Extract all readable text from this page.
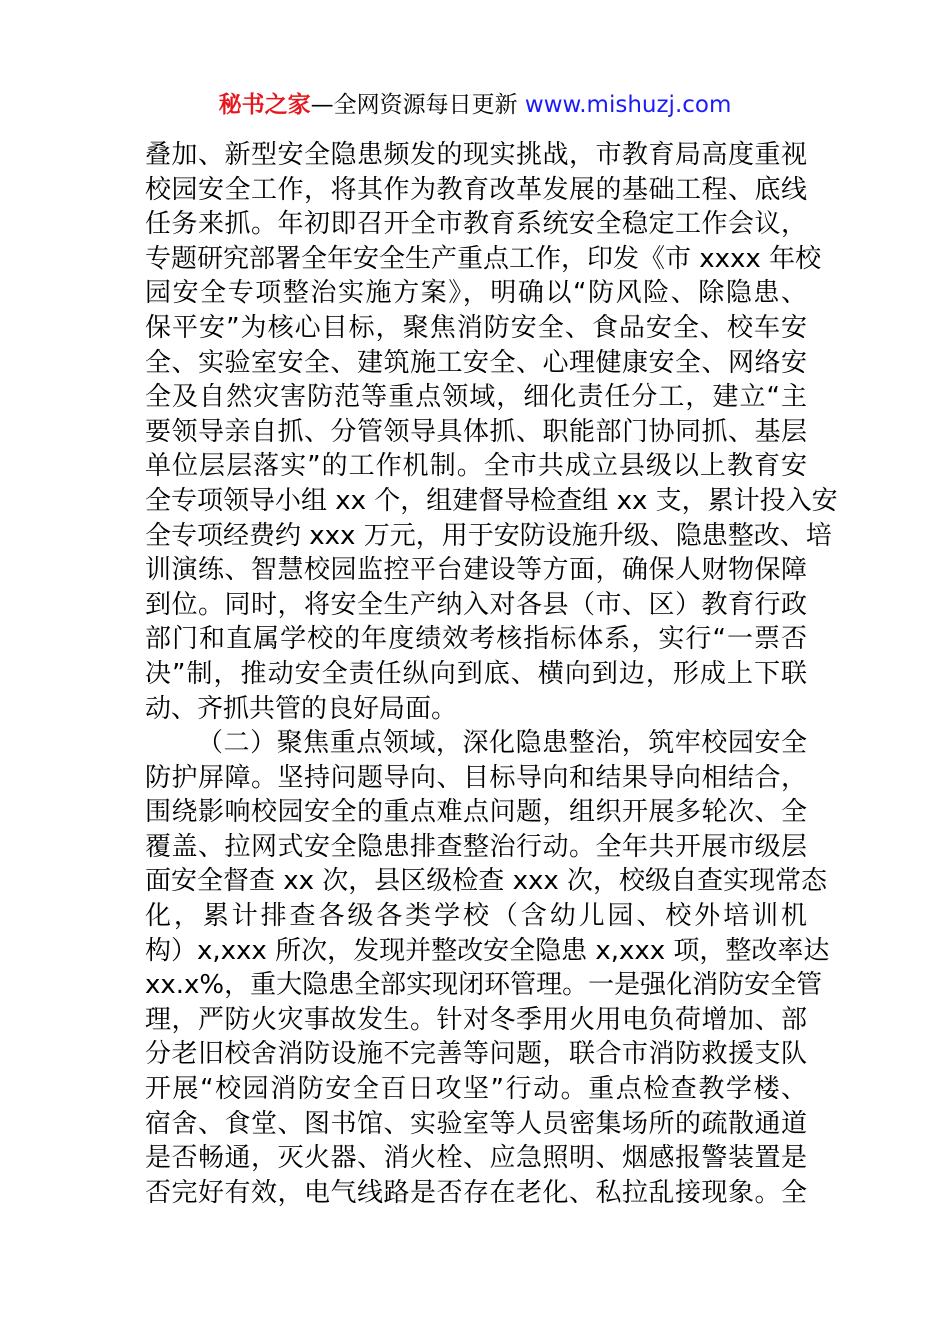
秘书之家—全网资源每日更新 www.mishuzj.com
叠加、新型安全隐患频发的现实挑战，市教育局高度重视
校园安全工作，将其作为教育改革发展的基础工程、底线
任务来抓。年初即召开全市教育系统安全稳定工作会议，
专题研究部署全年安全生产重点工作，印发《市 xxxx 年校
园安全专项整治实施方案》，明确以“防风险、除隐患、
保平安”为核心目标，聚焦消防安全、食品安全、校车安
全、实验室安全、建筑施工安全、心理健康安全、网络安
全及自然灾害防范等重点领域，细化责任分工，建立“主
要领导亲自抓、分管领导具体抓、职能部门协同抓、基层
单位层层落实”的工作机制。全市共成立县级以上教育安
全专项领导小组 xx 个，组建督导检查组 xx 支，累计投入安
全专项经费约 xxx 万元，用于安防设施升级、隐患整改、培
训演练、智慧校园监控平台建设等方面，确保人财物保障
到位。同时，将安全生产纳入对各县（市、区）教育行政
部门和直属学校的年度绩效考核指标体系，实行“一票否
决”制，推动安全责任纵向到底、横向到边，形成上下联
动、齐抓共管的良好局面。
（二）聚焦重点领域，深化隐患整治，筑牢校园安全
防护屏障。坚持问题导向、目标导向和结果导向相结合，
围绕影响校园安全的重点难点问题，组织开展多轮次、全
覆盖、拉网式安全隐患排查整治行动。全年共开展市级层
面安全督查 xx 次，县区级检查 xxx 次，校级自查实现常态
化，累计排查各级各类学校（含幼儿园、校外培训机
构）x,xxx 所次，发现并整改安全隐患 x,xxx 项，整改率达
xx.x%，重大隐患全部实现闭环管理。一是强化消防安全管
理，严防火灾事故发生。针对冬季用火用电负荷增加、部
分老旧校舍消防设施不完善等问题，联合市消防救援支队
开展“校园消防安全百日攻坚”行动。重点检查教学楼、
宿舍、食堂、图书馆、实验室等人员密集场所的疏散通道
是否畅通，灭火器、消火栓、应急照明、烟感报警装置是
否完好有效，电气线路是否存在老化、私拉乱接现象。全
